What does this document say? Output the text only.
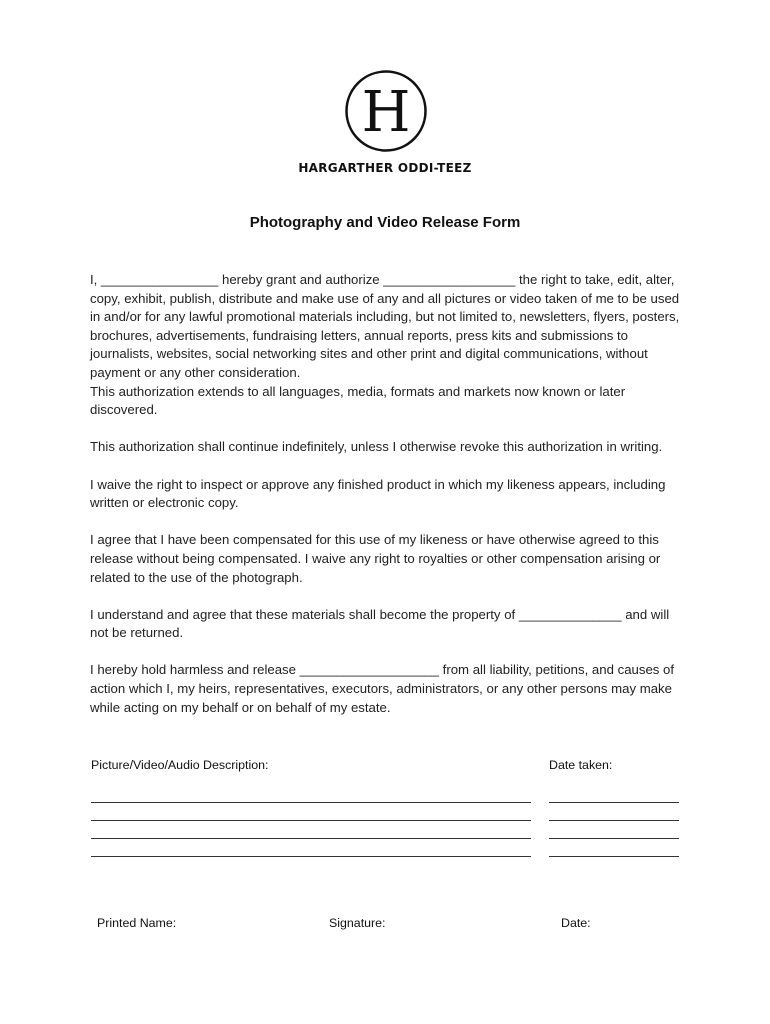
H
HARGARTHER ODDI-TEEZ
Photography and Video Release Form

I, ________________ hereby grant and authorize __________________ the right to take, edit, alter, copy, exhibit, publish, distribute and make use of any and all pictures or video taken of me to be used in and/or for any lawful promotional materials including, but not limited to, newsletters, flyers, posters, brochures, advertisements, fundraising letters, annual reports, press kits and submissions to journalists, websites, social networking sites and other print and digital communications, without payment or any other consideration.

This authorization extends to all languages, media, formats and markets now known or later discovered.

This authorization shall continue indefinitely, unless I otherwise revoke this authorization in writing.

I waive the right to inspect or approve any finished product in which my likeness appears, including written or electronic copy.

I agree that I have been compensated for this use of my likeness or have otherwise agreed to this release without being compensated. I waive any right to royalties or other compensation arising or related to the use of the photograph.

I understand and agree that these materials shall become the property of ______________ and will not be returned.

I hereby hold harmless and release ___________________ from all liability, petitions, and causes of action which I, my heirs, representatives, executors, administrators, or any other persons may make while acting on my behalf or on behalf of my estate.

Picture/Video/Audio Description:	Date taken:
Printed Name:	Signature:	Date:
